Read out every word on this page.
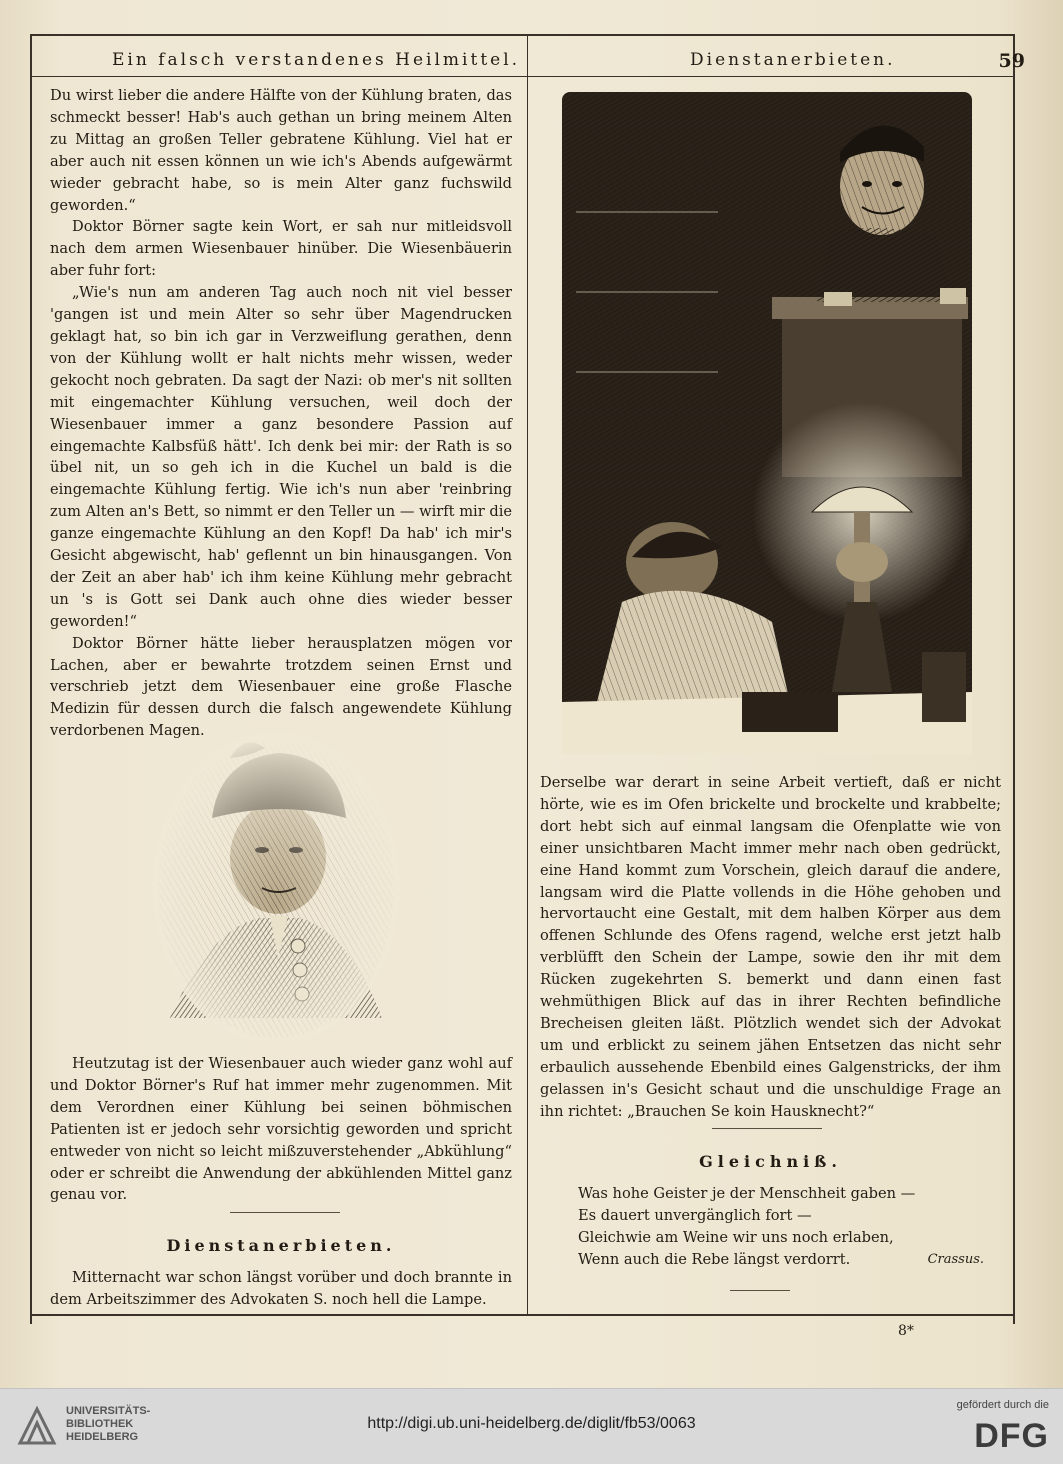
Ein falsch verstandenes Heilmittel.	Dienstanerbieten.	59

Du wirst lieber die andere Hälfte von der Kühlung braten, das schmeckt besser! Hab's auch gethan un bring meinem Alten zu Mittag an großen Teller gebratene Kühlung. Viel hat er aber auch nit essen können un wie ich's Abends aufgewärmt wieder gebracht habe, so is mein Alter ganz fuchswild geworden.“

Doktor Börner sagte kein Wort, er sah nur mitleidsvoll nach dem armen Wiesenbauer hinüber. Die Wiesenbäuerin aber fuhr fort:

„Wie's nun am anderen Tag auch noch nit viel besser 'gangen ist und mein Alter so sehr über Magendrucken geklagt hat, so bin ich gar in Verzweiflung gerathen, denn von der Kühlung wollt er halt nichts mehr wissen, weder gekocht noch gebraten. Da sagt der Nazi: ob mer's nit sollten mit eingemachter Kühlung versuchen, weil doch der Wiesenbauer immer a ganz besondere Passion auf eingemachte Kalbsfüß hätt'. Ich denk bei mir: der Rath is so übel nit, un so geh ich in die Kuchel un bald is die eingemachte Kühlung fertig. Wie ich's nun aber 'reinbring zum Alten an's Bett, so nimmt er den Teller un — wirft mir die ganze eingemachte Kühlung an den Kopf! Da hab' ich mir's Gesicht abgewischt, hab' geflennt un bin hinausgangen. Von der Zeit an aber hab' ich ihm keine Kühlung mehr gebracht un 's is Gott sei Dank auch ohne dies wieder besser geworden!“

Doktor Börner hätte lieber herausplatzen mögen vor Lachen, aber er bewahrte trotzdem seinen Ernst und verschrieb jetzt dem Wiesenbauer eine große Flasche Medizin für dessen durch die falsch angewendete Kühlung verdorbenen Magen.

Heutzutag ist der Wiesenbauer auch wieder ganz wohl auf und Doktor Börner's Ruf hat immer mehr zugenommen. Mit dem Verordnen einer Kühlung bei seinen böhmischen Patienten ist er jedoch sehr vorsichtig geworden und spricht entweder von nicht so leicht mißzuverstehender „Abkühlung“ oder er schreibt die Anwendung der abkühlenden Mittel ganz genau vor.

Dienstanerbieten.

Mitternacht war schon längst vorüber und doch brannte in dem Arbeitszimmer des Advokaten S. noch hell die Lampe.

Derselbe war derart in seine Arbeit vertieft, daß er nicht hörte, wie es im Ofen brickelte und brockelte und krabbelte; dort hebt sich auf einmal langsam die Ofenplatte wie von einer unsichtbaren Macht immer mehr nach oben gedrückt, eine Hand kommt zum Vorschein, gleich darauf die andere, langsam wird die Platte vollends in die Höhe gehoben und hervortaucht eine Gestalt, mit dem halben Körper aus dem offenen Schlunde des Ofens ragend, welche erst jetzt halb verblüfft den Schein der Lampe, sowie den ihr mit dem Rücken zugekehrten S. bemerkt und dann einen fast wehmüthigen Blick auf das in ihrer Rechten befindliche Brecheisen gleiten läßt. Plötzlich wendet sich der Advokat um und erblickt zu seinem jähen Entsetzen das nicht sehr erbaulich aussehende Ebenbild eines Galgenstricks, der ihm gelassen in's Gesicht schaut und die unschuldige Frage an ihn richtet: „Brauchen Se koin Hausknecht?“

Gleichniß.
Was hohe Geister je der Menschheit gaben —
Es dauert unvergänglich fort —
Gleichwie am Weine wir uns noch erlaben,
Wenn auch die Rebe längst verdorrt.	Crassus.
8*
UNIVERSITÄTS-
BIBLIOTHEK
HEIDELBERG
http://digi.ub.uni-heidelberg.de/diglit/fb53/0063
gefördert durch die
DFG
